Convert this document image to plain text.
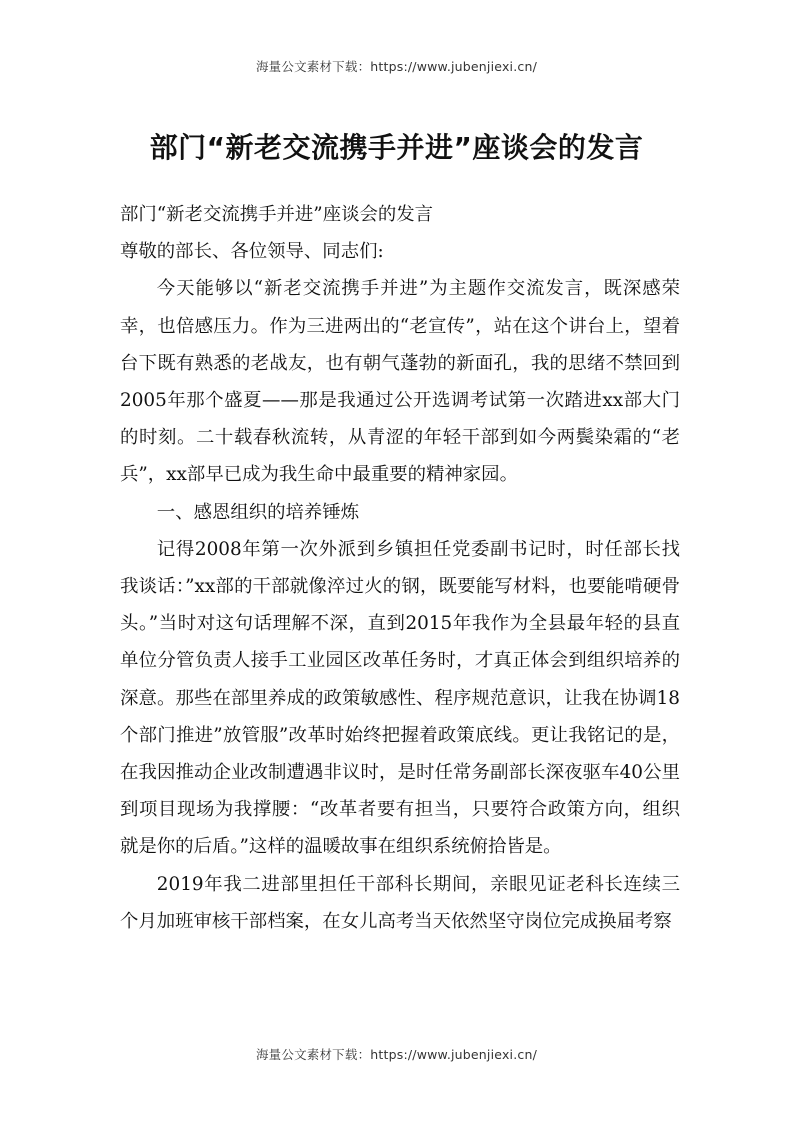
海量公文素材下载：https://www.jubenjiexi.cn/
部门“新老交流携手并进”座谈会的发言

部门“新老交流携手并进”座谈会的发言

尊敬的部长、各位领导、同志们:

今天能够以“新老交流携手并进”为主题作交流发言，既深感荣幸，也倍感压力。作为三进两出的“老宣传”，站在这个讲台上，望着台下既有熟悉的老战友，也有朝气蓬勃的新面孔，我的思绪不禁回到2005年那个盛夏——那是我通过公开选调考试第一次踏进xx部大门的时刻。二十载春秋流转，从青涩的年轻干部到如今两鬓染霜的“老兵”，xx部早已成为我生命中最重要的精神家园。

一、感恩组织的培养锤炼

记得2008年第一次外派到乡镇担任党委副书记时，时任部长找我谈话：”xx部的干部就像淬过火的钢，既要能写材料，也要能啃硬骨头。”当时对这句话理解不深，直到2015年我作为全县最年轻的县直单位分管负责人接手工业园区改革任务时，才真正体会到组织培养的深意。那些在部里养成的政策敏感性、程序规范意识，让我在协调18个部门推进”放管服”改革时始终把握着政策底线。更让我铭记的是，在我因推动企业改制遭遇非议时，是时任常务副部长深夜驱车40公里到项目现场为我撑腰：“改革者要有担当，只要符合政策方向，组织就是你的后盾。”这样的温暖故事在组织系统俯拾皆是。

2019年我二进部里担任干部科长期间，亲眼见证老科长连续三个月加班审核干部档案，在女儿高考当天依然坚守岗位完成换届考察

海量公文素材下载：https://www.jubenjiexi.cn/
